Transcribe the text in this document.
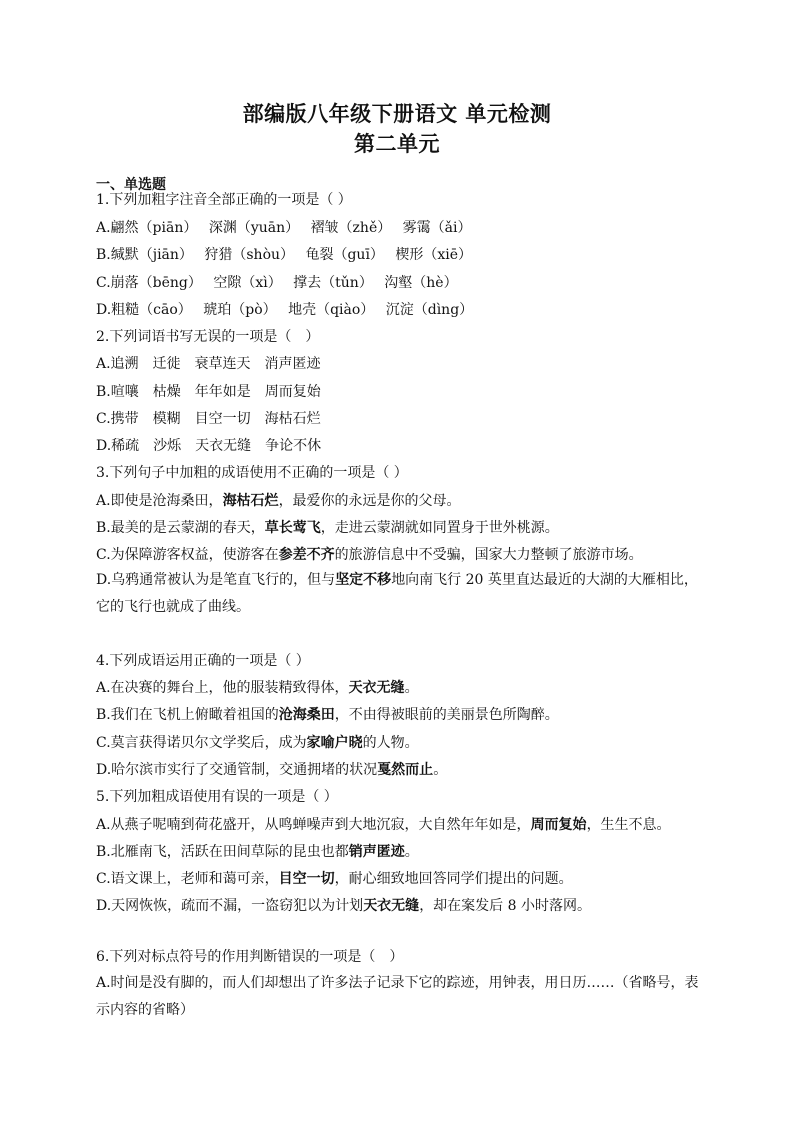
部编版八年级下册语文 单元检测
第二单元
一、单选题
1.下列加粗字注音全部正确的一项是（ ）
A.翩然（piān）　 深渊（yuān）　 褶皱（zhě）　 雾霭（ǎi）
B.缄默（jiān）　 狩猎（shòu）　 龟裂（guī）　 楔形（xiē）
C.崩落（bēng）　 空隙（xì）　 撑去（tǔn）　 沟壑（hè）
D.粗糙（cāo）　 琥珀（pò）　 地壳（qiào）　 沉淀（dìng）
2.下列词语书写无误的一项是（　）
A.追溯　迁徙　衰草连天　消声匿迹
B.喧嚷　枯燥　年年如是　周而复始
C.携带　模糊　目空一切　海枯石烂
D.稀疏　沙烁　天衣无缝　争论不休
3.下列句子中加粗的成语使用不正确的一项是（ ）
A.即使是沧海桑田，海枯石烂，最爱你的永远是你的父母。
B.最美的是云蒙湖的春天，草长莺飞，走进云蒙湖就如同置身于世外桃源。
C.为保障游客权益，使游客在参差不齐的旅游信息中不受骗，国家大力整顿了旅游市场。
D.乌鸦通常被认为是笔直飞行的，但与坚定不移地向南飞行 20 英里直达最近的大湖的大雁相比，它的飞行也就成了曲线。
4.下列成语运用正确的一项是（ ）
A.在决赛的舞台上，他的服装精致得体，天衣无缝。
B.我们在飞机上俯瞰着祖国的沧海桑田，不由得被眼前的美丽景色所陶醉。
C.莫言获得诺贝尔文学奖后，成为家喻户晓的人物。
D.哈尔滨市实行了交通管制，交通拥堵的状况戛然而止。
5.下列加粗成语使用有误的一项是（ ）
A.从燕子呢喃到荷花盛开，从鸣蝉噪声到大地沉寂，大自然年年如是，周而复始，生生不息。
B.北雁南飞，活跃在田间草际的昆虫也都销声匿迹。
C.语文课上，老师和蔼可亲，目空一切，耐心细致地回答同学们提出的问题。
D.天网恢恢，疏而不漏，一盗窃犯以为计划天衣无缝，却在案发后 8 小时落网。
6.下列对标点符号的作用判断错误的一项是（　）
A.时间是没有脚的，而人们却想出了许多法子记录下它的踪迹，用钟表，用日历……（省略号，表示内容的省略）
